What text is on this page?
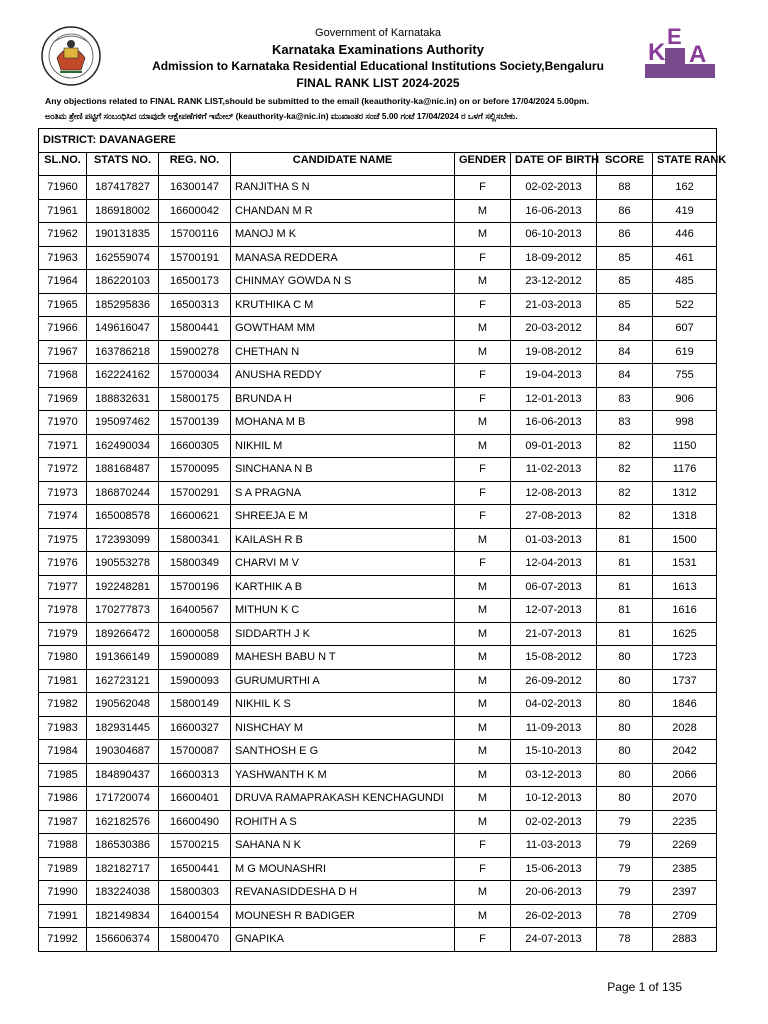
K
E
A
Government of Karnataka
Karnataka Examinations Authority
Admission to Karnataka Residential Educational Institutions Society,Bengaluru
FINAL RANK LIST 2024-2025
Any objections related to FINAL RANK LIST,should be submitted to the email (keauthority-ka@nic.in) on or before 17/04/2024 5.00pm.
ಅಂತಿಮ ಶ್ರೇಣಿ ಪಟ್ಟಿಗೆ ಸಂಬಂಧಿಸಿದ ಯಾವುದೇ ಆಕ್ಷೇಪಣೆಗಳಿಗೆ ಇಮೇಲ್ (keauthority-ka@nic.in) ಮುಖಾಂತರ ಸಂಜೆ 5.00 ಗಂಟೆ 17/04/2024 ರ ಒಳಗೆ ಸಲ್ಲಿಸಬೇಕು.
DISTRICT: DAVANAGERE							
SL.NO.	STATS NO.	REG. NO.	CANDIDATE NAME	GENDER	DATE OF BIRTH	SCORE	STATE RANK
71960	187417827	16300147	RANJITHA S N	F	02-02-2013	88	162
71961	186918002	16600042	CHANDAN M R	M	16-06-2013	86	419
71962	190131835	15700116	MANOJ M K	M	06-10-2013	86	446
71963	162559074	15700191	MANASA REDDERA	F	18-09-2012	85	461
71964	186220103	16500173	CHINMAY GOWDA N S	M	23-12-2012	85	485
71965	185295836	16500313	KRUTHIKA C M	F	21-03-2013	85	522
71966	149616047	15800441	GOWTHAM MM	M	20-03-2012	84	607
71967	163786218	15900278	CHETHAN N	M	19-08-2012	84	619
71968	162224162	15700034	ANUSHA REDDY	F	19-04-2013	84	755
71969	188832631	15800175	BRUNDA H	F	12-01-2013	83	906
71970	195097462	15700139	MOHANA M B	M	16-06-2013	83	998
71971	162490034	16600305	NIKHIL M	M	09-01-2013	82	1150
71972	188168487	15700095	SINCHANA N B	F	11-02-2013	82	1176
71973	186870244	15700291	S A PRAGNA	F	12-08-2013	82	1312
71974	165008578	16600621	SHREEJA E M	F	27-08-2013	82	1318
71975	172393099	15800341	KAILASH R B	M	01-03-2013	81	1500
71976	190553278	15800349	CHARVI M V	F	12-04-2013	81	1531
71977	192248281	15700196	KARTHIK A B	M	06-07-2013	81	1613
71978	170277873	16400567	MITHUN K C	M	12-07-2013	81	1616
71979	189266472	16000058	SIDDARTH J K	M	21-07-2013	81	1625
71980	191366149	15900089	MAHESH BABU N T	M	15-08-2012	80	1723
71981	162723121	15900093	GURUMURTHI A	M	26-09-2012	80	1737
71982	190562048	15800149	NIKHIL K S	M	04-02-2013	80	1846
71983	182931445	16600327	NISHCHAY M	M	11-09-2013	80	2028
71984	190304687	15700087	SANTHOSH E G	M	15-10-2013	80	2042
71985	184890437	16600313	YASHWANTH K M	M	03-12-2013	80	2066
71986	171720074	16600401	DRUVA RAMAPRAKASH KENCHAGUNDI	M	10-12-2013	80	2070
71987	162182576	16600490	ROHITH A S	M	02-02-2013	79	2235
71988	186530386	15700215	SAHANA N K	F	11-03-2013	79	2269
71989	182182717	16500441	M G MOUNASHRI	F	15-06-2013	79	2385
71990	183224038	15800303	REVANASIDDESHA D H	M	20-06-2013	79	2397
71991	182149834	16400154	MOUNESH R BADIGER	M	26-02-2013	78	2709
71992	156606374	15800470	GNAPIKA	F	24-07-2013	78	2883
Page 1 of 135
